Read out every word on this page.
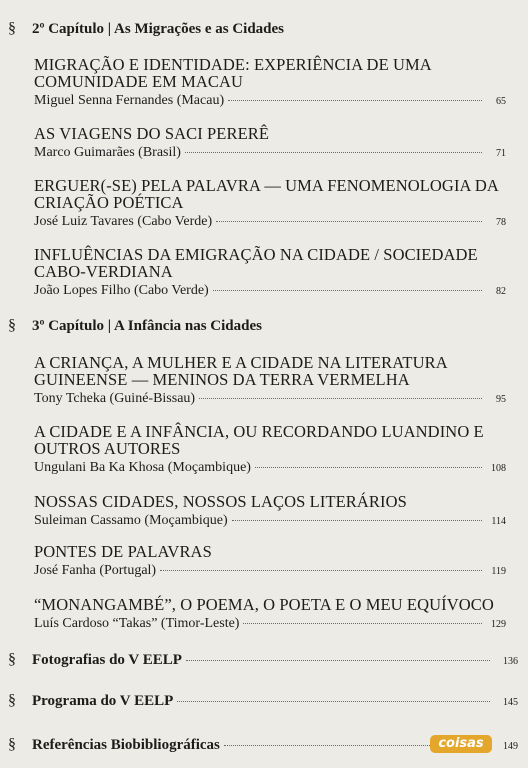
§	2º Capítulo | As Migrações e as Cidades
MIGRAÇÃO E IDENTIDADE: EXPERIÊNCIA DE UMA COMUNIDADE EM MACAU
Miguel Senna Fernandes (Macau)	65
AS VIAGENS DO SACI PERERÊ
Marco Guimarães (Brasil)	71
ERGUER(-SE) PELA PALAVRA — UMA FENOMENOLOGIA DA CRIAÇÃO POÉTICA
José Luiz Tavares (Cabo Verde)	78
INFLUÊNCIAS DA EMIGRAÇÃO NA CIDADE / SOCIEDADE CABO-VERDIANA
João Lopes Filho (Cabo Verde)	82
§	3º Capítulo | A Infância nas Cidades
A CRIANÇA, A MULHER E A CIDADE NA LITERATURA GUINEENSE — MENINOS DA TERRA VERMELHA
Tony Tcheka (Guiné-Bissau)	95
A CIDADE E A INFÂNCIA, OU RECORDANDO LUANDINO E OUTROS AUTORES
Ungulani Ba Ka Khosa (Moçambique)	108
NOSSAS CIDADES, NOSSOS LAÇOS LITERÁRIOS
Suleiman Cassamo (Moçambique)	114
PONTES DE PALAVRAS
José Fanha (Portugal)	119
“MONANGAMBÉ”, O POEMA, O POETA E O MEU EQUÍVOCO
Luís Cardoso “Takas” (Timor-Leste)	129
§	Fotografias do V EELP	136
§	Programa do V EELP	145
§	Referências Biobibliográficas	149
coisas
